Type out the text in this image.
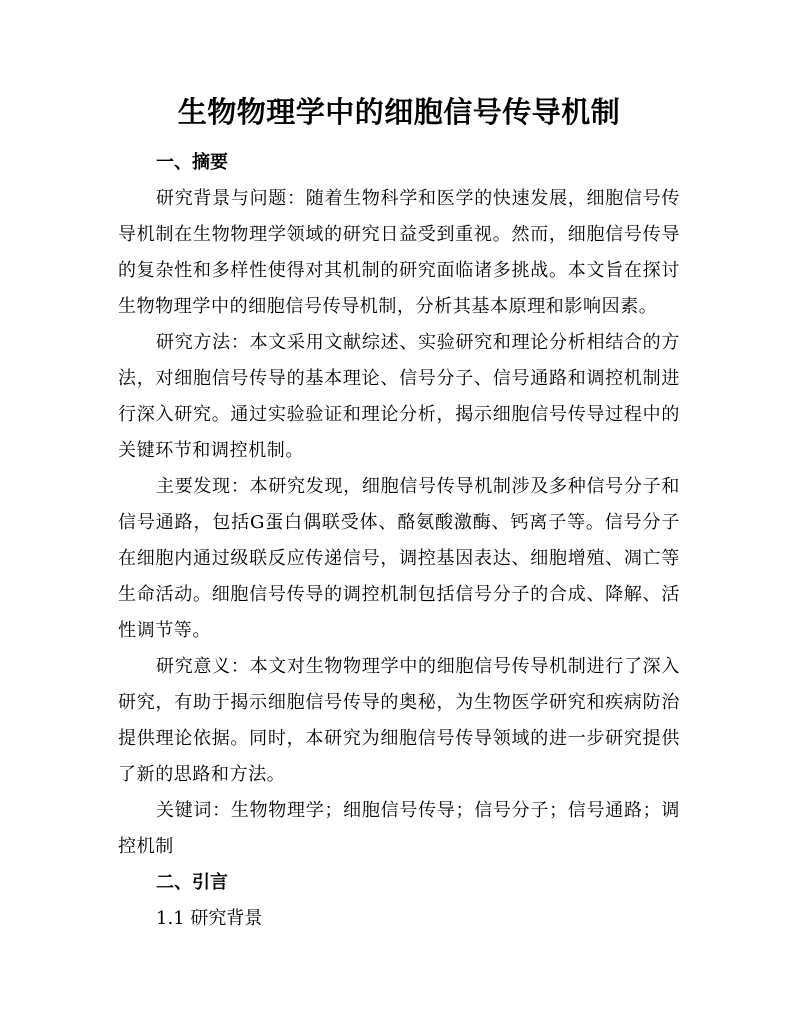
生物物理学中的细胞信号传导机制
一、摘要

研究背景与问题：随着生物科学和医学的快速发展，细胞信号传导机制在生物物理学领域的研究日益受到重视。然而，细胞信号传导的复杂性和多样性使得对其机制的研究面临诸多挑战。本文旨在探讨生物物理学中的细胞信号传导机制，分析其基本原理和影响因素。

研究方法：本文采用文献综述、实验研究和理论分析相结合的方法，对细胞信号传导的基本理论、信号分子、信号通路和调控机制进行深入研究。通过实验验证和理论分析，揭示细胞信号传导过程中的关键环节和调控机制。

主要发现：本研究发现，细胞信号传导机制涉及多种信号分子和信号通路，包括G蛋白偶联受体、酪氨酸激酶、钙离子等。信号分子在细胞内通过级联反应传递信号，调控基因表达、细胞增殖、凋亡等生命活动。细胞信号传导的调控机制包括信号分子的合成、降解、活性调节等。

研究意义：本文对生物物理学中的细胞信号传导机制进行了深入研究，有助于揭示细胞信号传导的奥秘，为生物医学研究和疾病防治提供理论依据。同时，本研究为细胞信号传导领域的进一步研究提供了新的思路和方法。

关键词：生物物理学；细胞信号传导；信号分子；信号通路；调控机制

二、引言

1.1 研究背景
